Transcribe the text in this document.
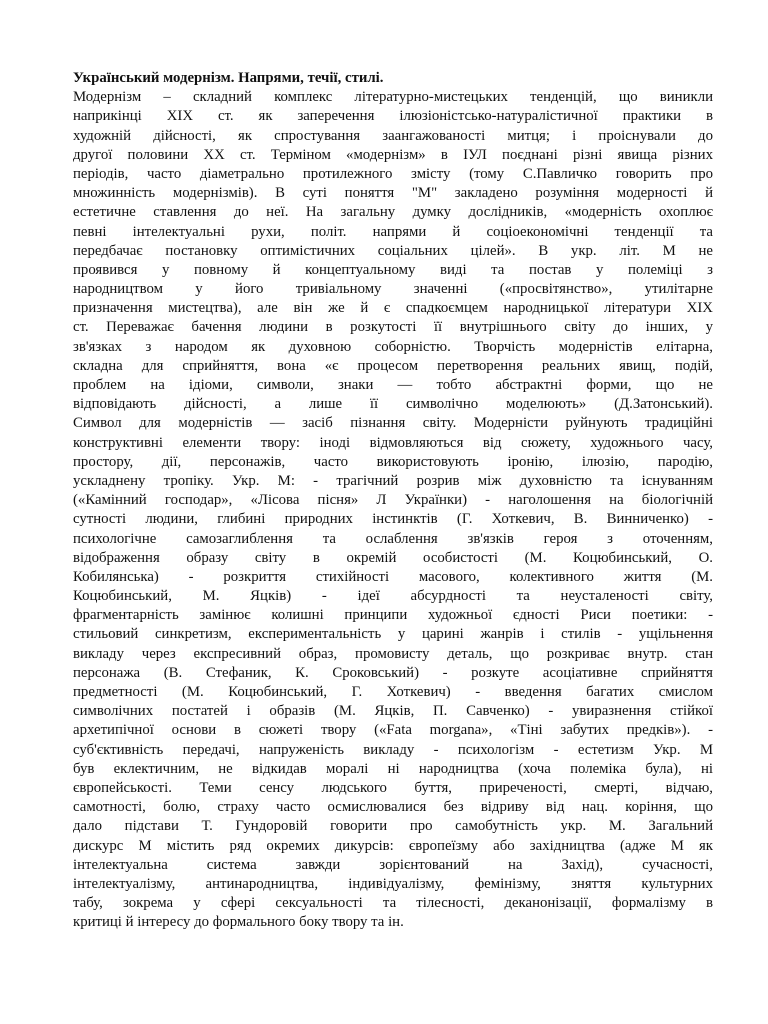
Український модернізм. Напрями, течії, стилі.
Модернізм – складний комплекс літературно-мистецьких тенденцій, що виникли
наприкінці ХІХ ст. як заперечення ілюзіоністсько-натуралістичної практики в
художній дійсності, як спростування заангажованості митця; і проіснували до
другої половини ХХ ст. Терміном «модернізм» в ІУЛ поєднані різні явища різних
періодів, часто діаметрально протилежного змісту (тому С.Павличко говорить про
множинність модернізмів). В суті поняття "М" закладено розуміння модерності й
естетичне ставлення до неї. На загальну думку дослідників, «модерність охоплює
певні інтелектуальні рухи, політ. напрями й соціоекономічні тенденції та
передбачає постановку оптимістичних соціальних цілей». В укр. літ. М не
проявився у повному й концептуальному виді та постав у полеміці з
народництвом у його тривіальному значенні («просвітянство», утилітарне
призначення мистецтва), але він же й є спадкоємцем народницької літератури ХІХ
ст. Переважає бачення людини в розкутості її внутрішнього світу до інших, у
зв'язках з народом як духовною соборністю. Творчість модерністів елітарна,
складна для сприйняття, вона «є процесом перетворення реальних явищ, подій,
проблем на ідіоми, символи, знаки — тобто абстрактні форми, що не
відповідають дійсності, а лише її символічно моделюють» (Д.Затонський).
Символ для модерністів — засіб пізнання світу. Модерністи руйнують традиційні
конструктивні елементи твору: іноді відмовляються від сюжету, художнього часу,
простору, дії, персонажів, часто використовують іронію, ілюзію, пародію,
ускладнену тропіку. Укр. М: - трагічний розрив між духовністю та існуванням
(«Камінний господар», «Лісова пісня» Л Українки) - наголошення на біологічній
сутності людини, глибині природних інстинктів (Г. Хоткевич, В. Винниченко) -
психологічне самозаглиблення та ослаблення зв'язків героя з оточенням,
відображення образу світу в окремій особистості (М. Коцюбинський, О.
Кобилянська) - розкриття стихійності масового, колективного життя (М.
Коцюбинський, М. Яцків) - ідеї абсурдності та неусталеності світу,
фрагментарність замінює колишні принципи художньої єдності Риси поетики: -
стильовий синкретизм, експериментальність у царині жанрів і стилів - ущільнення
викладу через експресивний образ, промовисту деталь, що розкриває внутр. стан
персонажа (В. Стефаник, К. Сроковський) - розкуте асоціативне сприйняття
предметності (М. Коцюбинський, Г. Хоткевич) - введення багатих смислом
символічних постатей і образів (М. Яцків, П. Савченко) - увиразнення стійкої
архетипічної основи в сюжеті твору («Fata morgana», «Тіні забутих предків»). -
суб'єктивність передачі, напруженість викладу - психологізм - естетизм Укр. М
був еклектичним, не відкидав моралі ні народництва (хоча полеміка була), ні
європейськості. Теми сенсу людського буття, приреченості, смерті, відчаю,
самотності, болю, страху часто осмислювалися без відриву від нац. коріння, що
дало підстави Т. Гундоровій говорити про самобутність укр. М. Загальний
дискурс М містить ряд окремих дикурсів: європеїзму або західництва (адже М як
інтелектуальна система завжди зорієнтований на Захід), сучасності,
інтелектуалізму, антинародництва, індивідуалізму, фемінізму, зняття культурних
табу, зокрема у сфері сексуальності та тілесності, деканонізації, формалізму в
критиці й інтересу до формального боку твору та ін.
